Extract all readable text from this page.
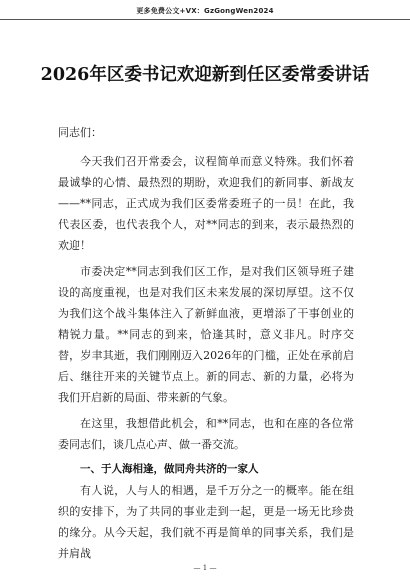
更多免费公文+VX：GzGongWen2024
2026年区委书记欢迎新到任区委常委讲话

同志们：

今天我们召开常委会，议程简单而意义特殊。我们怀着最诚挚的心情、最热烈的期盼，欢迎我们的新同事、新战友——**同志，正式成为我们区委常委班子的一员！在此，我代表区委，也代表我个人，对**同志的到来，表示最热烈的欢迎！

市委决定**同志到我们区工作，是对我们区领导班子建设的高度重视，也是对我们区未来发展的深切厚望。这不仅为我们这个战斗集体注入了新鲜血液，更增添了干事创业的精锐力量。**同志的到来，恰逢其时，意义非凡。时序交替，岁聿其逝，我们刚刚迈入2026年的门槛，正处在承前启后、继往开来的关键节点上。新的同志、新的力量，必将为我们开启新的局面、带来新的气象。

在这里，我想借此机会，和**同志，也和在座的各位常委同志们，谈几点心声、做一番交流。

一、于人海相逢，做同舟共济的一家人

有人说，人与人的相遇，是千万分之一的概率。能在组织的安排下，为了共同的事业走到一起，更是一场无比珍贵的缘分。从今天起，我们就不再是简单的同事关系，我们是并肩战

— 1 —
